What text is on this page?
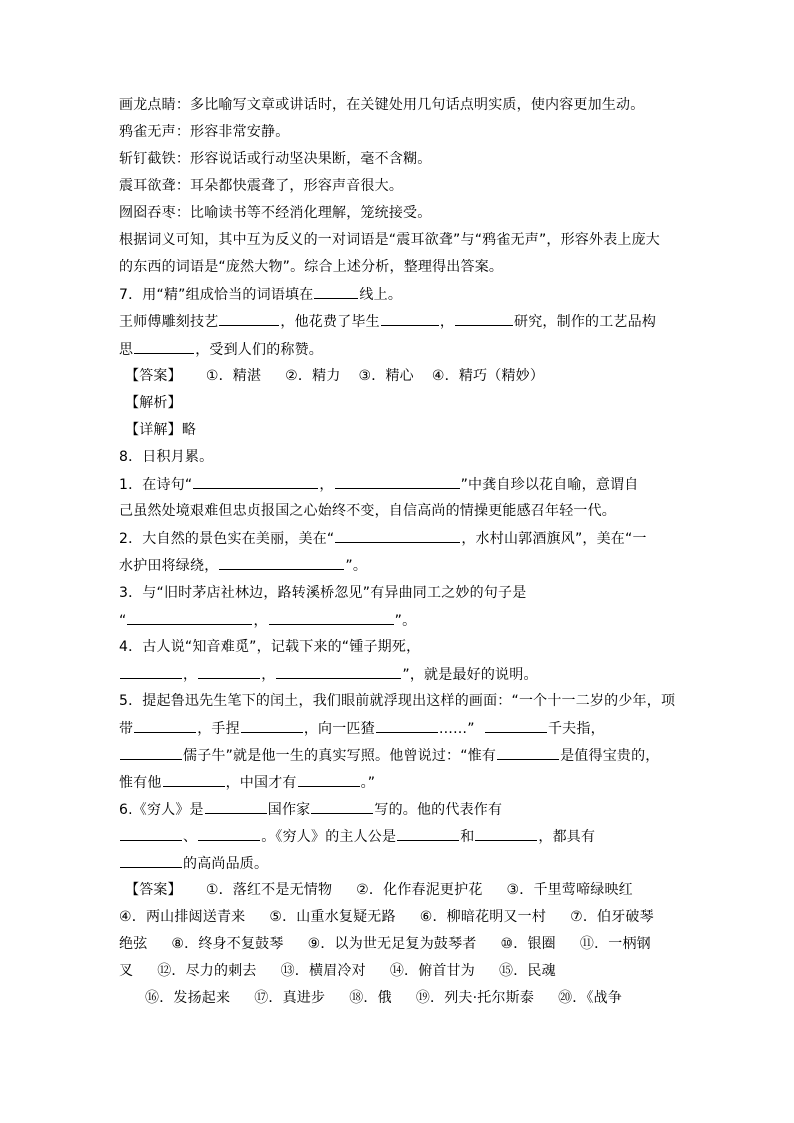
画龙点睛：多比喻写文章或讲话时，在关键处用几句话点明实质，使内容更加生动。
鸦雀无声：形容非常安静。
斩钉截铁：形容说话或行动坚决果断，毫不含糊。
震耳欲聋：耳朵都快震聋了，形容声音很大。
囫囵吞枣：比喻读书等不经消化理解，笼统接受。
根据词义可知，其中互为反义的一对词语是“震耳欲聋”与“鸦雀无声”，形容外表上庞大
的东西的词语是“庞然大物”。综合上述分析，整理得出答案。
7．用“精”组成恰当的词语填在	线上。
王师傅雕刻技艺	，他花费了毕生	，	研究，制作的工艺品构
思	，受到人们的称赞。
【答案】 ①．精湛 ②．精力 ③．精心 ④．精巧（精妙）
【解析】
【详解】略
8．日积月累。
1．在诗句“	，	”中龚自珍以花自喻，意谓自
己虽然处境艰难但忠贞报国之心始终不变，自信高尚的情操更能感召年轻一代。
2．大自然的景色实在美丽，美在“	，水村山郭酒旗风”，美在“一
水护田将绿绕，	”。
3．与“旧时茅店社林边，路转溪桥忽见”有异曲同工之妙的句子是
“	，	”。
4．古人说“知音难觅”，记载下来的“锺子期死，
，	，	”，就是最好的说明。
5．提起鲁迅先生笔下的闰土，我们眼前就浮现出这样的画面：“一个十一二岁的少年，项
带	，手捏	，向一匹猹	……”	千夫指，
儒子牛”就是他一生的真实写照。他曾说过：“惟有	是值得宝贵的，
惟有他	，中国才有	。”
6.《穷人》是	国作家	写的。他的代表作有
、	。《穷人》的主人公是	和	，都具有
的高尚品质。
【答案】 ①．落红不是无情物 ②．化作春泥更护花 ③．千里莺啼绿映红
④．两山排闼送青来 ⑤．山重水复疑无路 ⑥．柳暗花明又一村 ⑦．伯牙破琴
绝弦 ⑧．终身不复鼓琴 ⑨．以为世无足复为鼓琴者 ⑩．银圈 ⑪．一柄钢
叉 ⑫．尽力的刺去 ⑬．横眉冷对 ⑭．俯首甘为 ⑮．民魂
⑯．发扬起来 ⑰．真进步 ⑱．俄 ⑲．列夫·托尔斯泰 ⑳．《战争
